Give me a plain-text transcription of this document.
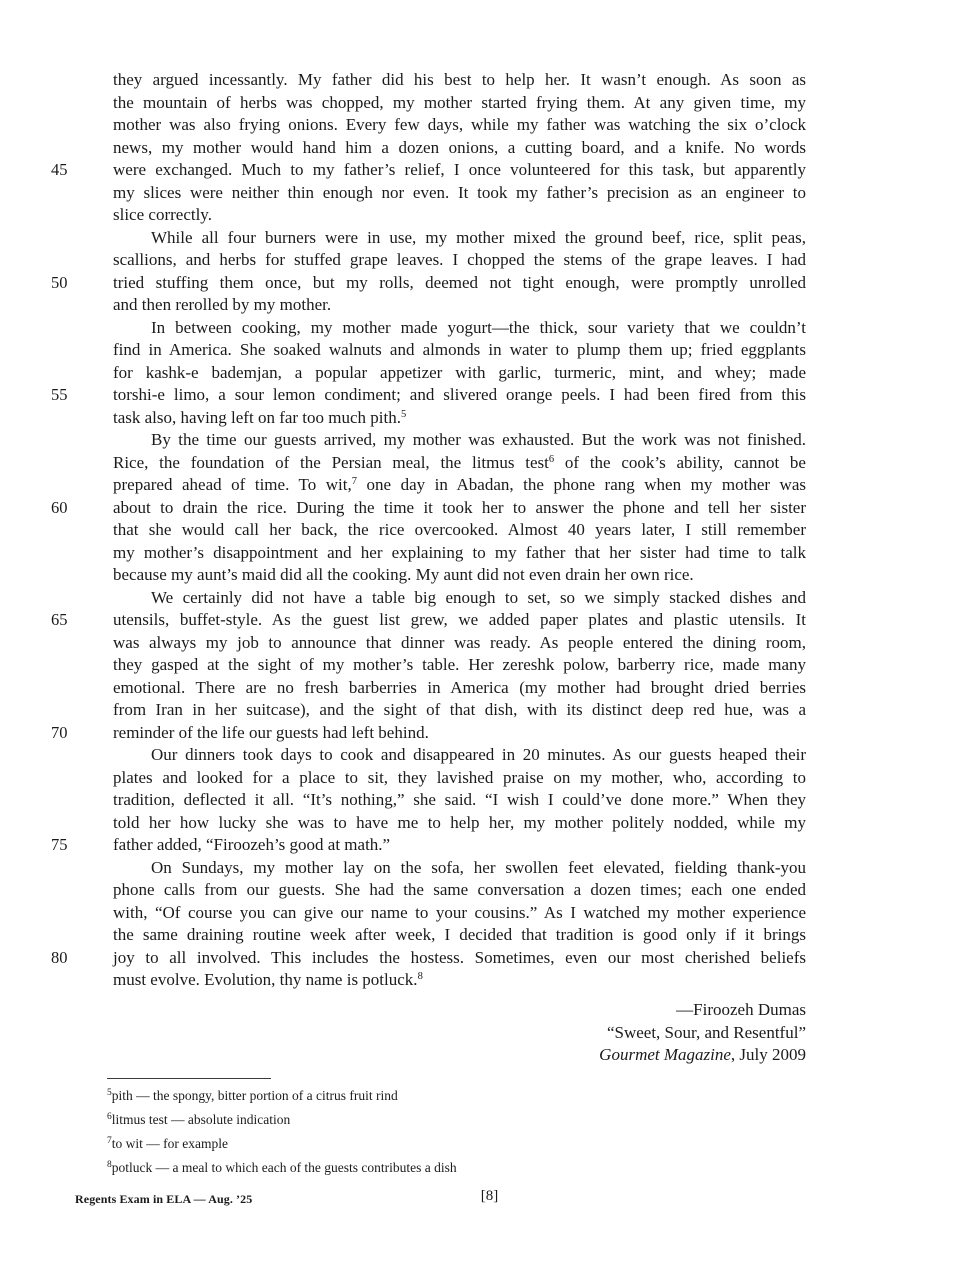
they argued incessantly. My father did his best to help her. It wasn’t enough. As soon as
the mountain of herbs was chopped, my mother started frying them. At any given time, my
mother was also frying onions. Every few days, while my father was watching the six o’clock
news, my mother would hand him a dozen onions, a cutting board, and a knife. No words
45	were exchanged. Much to my father’s relief, I once volunteered for this task, but apparently
my slices were neither thin enough nor even. It took my father’s precision as an engineer to
slice correctly.
While all four burners were in use, my mother mixed the ground beef, rice, split peas,
scallions, and herbs for stuffed grape leaves. I chopped the stems of the grape leaves. I had
50	tried stuffing them once, but my rolls, deemed not tight enough, were promptly unrolled
and then rerolled by my mother.
In between cooking, my mother made yogurt—the thick, sour variety that we couldn’t
find in America. She soaked walnuts and almonds in water to plump them up; fried eggplants
for kashk-e bademjan, a popular appetizer with garlic, turmeric, mint, and whey; made
55	torshi-e limo, a sour lemon condiment; and slivered orange peels. I had been fired from this
task also, having left on far too much pith.$^5$
By the time our guests arrived, my mother was exhausted. But the work was not finished.
Rice, the foundation of the Persian meal, the litmus test$^6$ of the cook’s ability, cannot be
prepared ahead of time. To wit,$^7$ one day in Abadan, the phone rang when my mother was
60	about to drain the rice. During the time it took her to answer the phone and tell her sister
that she would call her back, the rice overcooked. Almost 40 years later, I still remember
my mother’s disappointment and her explaining to my father that her sister had time to talk
because my aunt’s maid did all the cooking. My aunt did not even drain her own rice.
We certainly did not have a table big enough to set, so we simply stacked dishes and
65	utensils, buffet-style. As the guest list grew, we added paper plates and plastic utensils. It
was always my job to announce that dinner was ready. As people entered the dining room,
they gasped at the sight of my mother’s table. Her zereshk polow, barberry rice, made many
emotional. There are no fresh barberries in America (my mother had brought dried berries
from Iran in her suitcase), and the sight of that dish, with its distinct deep red hue, was a
70	reminder of the life our guests had left behind.
Our dinners took days to cook and disappeared in 20 minutes. As our guests heaped their
plates and looked for a place to sit, they lavished praise on my mother, who, according to
tradition, deflected it all. “It’s nothing,” she said. “I wish I could’ve done more.” When they
told her how lucky she was to have me to help her, my mother politely nodded, while my
75	father added, “Firoozeh’s good at math.”
On Sundays, my mother lay on the sofa, her swollen feet elevated, fielding thank-you
phone calls from our guests. She had the same conversation a dozen times; each one ended
with, “Of course you can give our name to your cousins.” As I watched my mother experience
the same draining routine week after week, I decided that tradition is good only if it brings
80	joy to all involved. This includes the hostess. Sometimes, even our most cherished beliefs
must evolve. Evolution, thy name is potluck.$^8$
—Firoozeh Dumas
“Sweet, Sour, and Resentful”
Gourmet Magazine, July 2009
$^5$pith — the spongy, bitter portion of a citrus fruit rind
$^6$litmus test — absolute indication
$^7$to wit — for example
$^8$potluck — a meal to which each of the guests contributes a dish
Regents Exam in ELA — Aug. ’25	[8]
